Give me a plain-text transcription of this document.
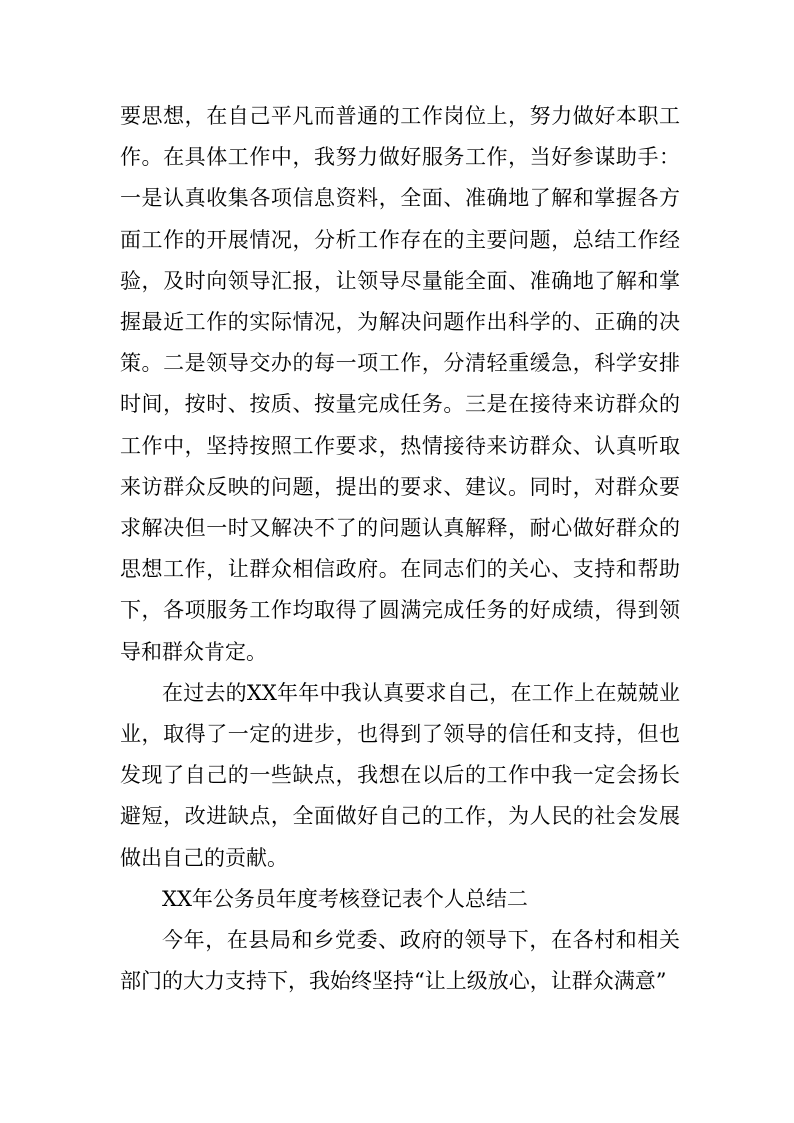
要思想，在自己平凡而普通的工作岗位上，努力做好本职工作。在具体工作中，我努力做好服务工作，当好参谋助手：一是认真收集各项信息资料，全面、准确地了解和掌握各方面工作的开展情况，分析工作存在的主要问题，总结工作经验，及时向领导汇报，让领导尽量能全面、准确地了解和掌握最近工作的实际情况，为解决问题作出科学的、正确的决策。二是领导交办的每一项工作，分清轻重缓急，科学安排时间，按时、按质、按量完成任务。三是在接待来访群众的工作中，坚持按照工作要求，热情接待来访群众、认真听取来访群众反映的问题，提出的要求、建议。同时，对群众要求解决但一时又解决不了的问题认真解释，耐心做好群众的思想工作，让群众相信政府。在同志们的关心、支持和帮助下，各项服务工作均取得了圆满完成任务的好成绩，得到领导和群众肯定。

在过去的XX年年中我认真要求自己，在工作上在兢兢业业，取得了一定的进步，也得到了领导的信任和支持，但也发现了自己的一些缺点，我想在以后的工作中我一定会扬长避短，改进缺点，全面做好自己的工作，为人民的社会发展做出自己的贡献。

XX年公务员年度考核登记表个人总结二

今年，在县局和乡党委、政府的领导下，在各村和相关部门的大力支持下，我始终坚持“让上级放心，让群众满意”
